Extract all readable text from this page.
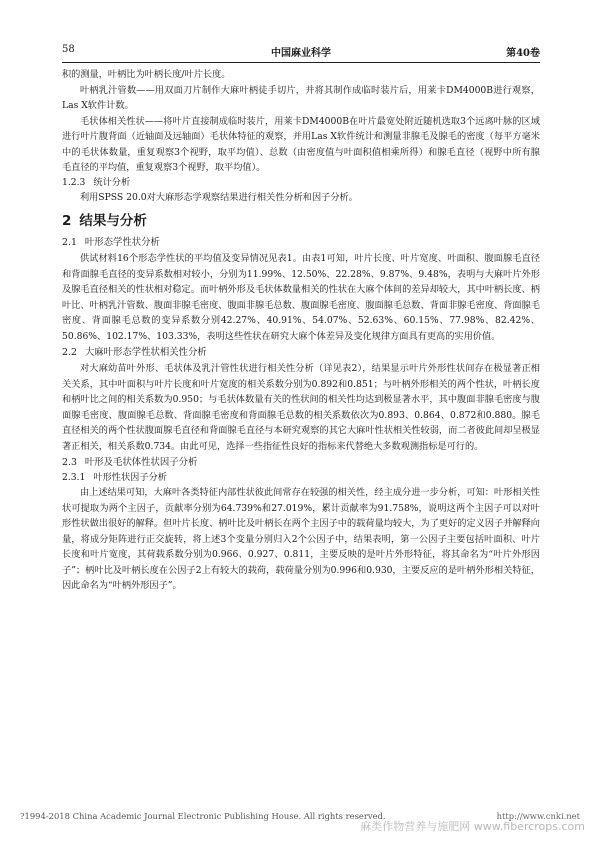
58	中国麻业科学	第40卷

积的测量，叶柄比为叶柄长度/叶片长度。

叶柄乳汁管数——用双面刀片制作大麻叶柄徒手切片，并将其制作成临时装片后，用莱卡DM4000B进行观察，Las X软件计数。

毛状体相关性状——将叶片直接制成临时装片，用莱卡DM4000B在叶片最宽处附近随机选取3个远离叶脉的区域进行叶片腹背面（近轴面及远轴面）毛状体特征的观察，并用Las X软件统计和测量非腺毛及腺毛的密度（每平方毫米中的毛状体数量，重复观察3个视野，取平均值）、总数（由密度值与叶面积值相乘所得）和腺毛直径（视野中所有腺毛直径的平均值，重复观察3个视野，取平均值）。

1.2.3 统计分析

利用SPSS 20.0对大麻形态学观察结果进行相关性分析和因子分析。

2 结果与分析
2.1 叶形态学性状分析

供试材料16个形态学性状的平均值及变异情况见表1。由表1可知，叶片长度、叶片宽度、叶面积、腹面腺毛直径和背面腺毛直径的变异系数相对较小，分别为11.99%、12.50%、22.28%、9.87%、9.48%，表明与大麻叶片外形及腺毛直径相关的性状相对稳定。而叶柄外形及毛状体数量相关的性状在大麻个体间的差异却较大，其中叶柄长度、柄叶比、叶柄乳汁管数、腹面非腺毛密度、腹面非腺毛总数、腹面腺毛密度、腹面腺毛总数、背面非腺毛密度、背面腺毛密度、背面腺毛总数的变异系数分别42.27%、40.91%、54.07%、52.63%、60.15%、77.98%、82.42%、50.86%、102.17%、103.33%，表明这些性状在研究大麻个体差异及变化规律方面具有更高的实用价值。

2.2 大麻叶形态学性状相关性分析

对大麻幼苗叶外形、毛状体及乳汁管性状进行相关性分析（详见表2），结果显示叶片外形性状间存在极显著正相关关系，其中叶面积与叶片长度和叶片宽度的相关系数分别为0.892和0.851；与叶柄外形相关的两个性状，叶柄长度和柄叶比之间的相关系数为0.950；与毛状体数量有关的性状间的相关性均达到极显著水平，其中腹面非腺毛密度与腹面腺毛密度、腹面腺毛总数、背面腺毛密度和背面腺毛总数的相关系数依次为0.893、0.864、0.872和0.880。腺毛直径相关的两个性状腹面腺毛直径和背面腺毛直径与本研究观察的其它大麻叶性状相关性较弱，而二者彼此间却呈极显著正相关，相关系数0.734。由此可见，选择一些指征性良好的指标来代替绝大多数观测指标是可行的。

2.3 叶形及毛状体性状因子分析
2.3.1 叶形性状因子分析

由上述结果可知，大麻叶各类特征内部性状彼此间常存在较强的相关性，经主成分进一步分析，可知：叶形相关性状可提取为两个主因子，贡献率分别为64.739%和27.019%，累计贡献率为91.758%，说明这两个主因子可以对叶形性状做出很好的解释。但叶片长度、柄叶比及叶柄长在两个主因子中的载荷量均较大，为了更好的定义因子并解释向量，将成分矩阵进行正交旋转，将上述3个变量分别归入2个公因子中，结果表明，第一公因子主要包括叶面积、叶片长度和叶片宽度，其荷载系数分别为0.966、0.927、0.811，主要反映的是叶片外形特征，将其命名为“叶片外形因子”；柄叶比及叶柄长度在公因子2上有较大的载荷，载荷量分别为0.996和0.930，主要反应的是叶柄外形相关特征，因此命名为“叶柄外形因子”。

?1994-2018 China Academic Journal Electronic Publishing House. All rights reserved.	http://www.cnki.net
麻类作物营养与施肥网 www.fibercrops.com
